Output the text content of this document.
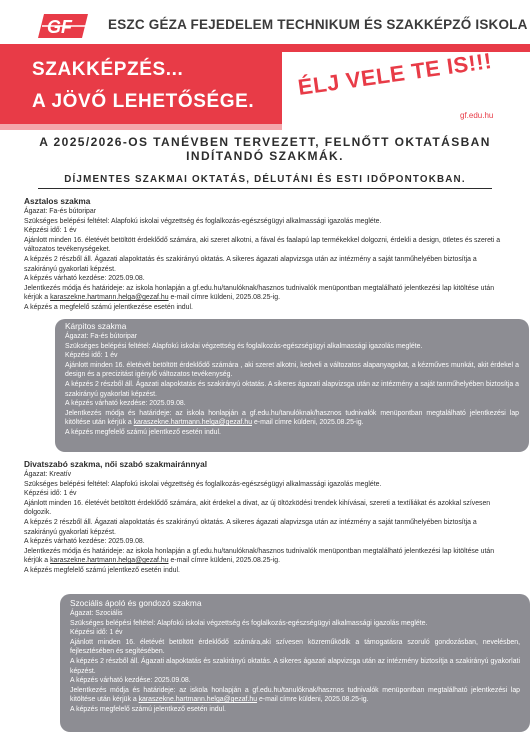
GF	ESZC GÉZA FEJEDELEM TECHNIKUM ÉS SZAKKÉPZŐ ISKOLA
SZAKKÉPZÉS...
A JÖVŐ LEHETŐSÉGE.
ÉLJ VELE TE IS!!!
gf.edu.hu
A 2025/2026-OS TANÉVBEN TERVEZETT, FELNŐTT OKTATÁSBAN INDÍTANDÓ SZAKMÁK.
DÍJMENTES SZAKMAI OKTATÁS, DÉLUTÁNI ÉS ESTI IDŐPONTOKBAN.

Asztalos szakma

Ágazat: Fa-és bútoripar

Szükséges belépési feltétel: Alapfokú iskolai végzettség és foglalkozás-egészségügyi alkalmassági igazolás megléte.

Képzési idő: 1 év

Ajánlott minden 16. életévét betöltött érdeklődő számára, aki szeret alkotni, a fával és faalapú lap termékekkel dolgozni, érdekli a design, ötletes és szereti a változatos tevékenységeket.

A képzés 2 részből áll. Ágazati alapoktatás és szakirányú oktatás. A sikeres ágazati alapvizsga után az intézmény a saját tanműhelyében biztosítja a szakirányú gyakorlati képzést.

A képzés várható kezdése: 2025.09.08.

Jelentkezés módja és határideje: az iskola honlapján a gf.edu.hu/tanulóknak/hasznos tudnivalók menüpontban megtalálható jelentkezési lap kitöltése után kérjük a karaszekne.hartmann.helga@gezaf.hu e-mail címre küldeni, 2025.08.25-ig.

A képzés a megfelelő számú jelentkezése esetén indul.

Kárpitos szakma

Ágazat: Fa-és bútoripar

Szükséges belépési feltétel: Alapfokú iskolai végzettség és foglalkozás-egészségügyi alkalmassági igazolás megléte.

Képzési idő: 1 év

Ajánlott minden 16. életévét betöltött érdeklődő számára , aki szeret alkotni, kedveli a változatos alapanyagokat, a kézműves munkát, akit érdekel a design és a precizitást igénylő változatos tevékenység.

A képzés 2 részből áll. Ágazati alapoktatás és szakirányú oktatás. A sikeres ágazati alapvizsga után az intézmény a saját tanműhelyében biztosítja a szakirányú gyakorlati képzést.

A képzés várható kezdése: 2025.09.08.

Jelentkezés módja és határideje: az iskola honlapján a gf.edu.hu/tanulóknak/hasznos tudnivalók menüpontban megtalálható jelentkezési lap kitöltése után kérjük a karaszekne.hartmann.helga@gezaf.hu e-mail címre küldeni, 2025.08.25-ig.

A képzés megfelelő számú jelentkező esetén indul.

Divatszabó szakma, női szabó szakmairánnyal

Ágazat: Kreatív

Szükséges belépési feltétel: Alapfokú iskolai végzettség és foglalkozás-egészségügyi alkalmassági igazolás megléte.

Képzési idő: 1 év

Ajánlott minden 16. életévét betöltött érdeklődő számára, akit érdekel a divat, az új öltözködési trendek kihívásai, szereti a textíliákat és azokkal szívesen dolgozik.

A képzés 2 részből áll. Ágazati alapoktatás és szakirányú oktatás. A sikeres ágazati alapvizsga után az intézmény a saját tanműhelyében biztosítja a szakirányú gyakorlati képzést.

A képzés várható kezdése: 2025.09.08.

Jelentkezés módja és határideje: az iskola honlapján a gf.edu.hu/tanulóknak/hasznos tudnivalók menüpontban megtalálható jelentkezési lap kitöltése után kérjük a karaszekne.hartmann.helga@gezaf.hu e-mail címre küldeni, 2025.08.25-ig.

A képzés megfelelő számú jelentkező esetén indul.

Szociális ápoló és gondozó szakma

Ágazat: Szociális

Szükséges belépési feltétel: Alapfokú iskolai végzettség és foglalkozás-egészségügyi alkalmassági igazolás megléte.

Képzési idő: 1 év

Ajánlott minden 16. életévét betöltött érdeklődő számára,aki szívesen közreműködik a támogatásra szoruló gondozásban, nevelésben, fejlesztésében és segítésében.

A képzés 2 részből áll. Ágazati alapoktatás és szakirányú oktatás. A sikeres ágazati alapvizsga után az intézmény biztosítja a szakirányú gyakorlati képzést.

A képzés várható kezdése: 2025.09.08.

Jelentkezés módja és határideje: az iskola honlapján a gf.edu.hu/tanulóknak/hasznos tudnivalók menüpontban megtalálható jelentkezési lap kitöltése után kérjük a karaszekne.hartmann.helga@gezaf.hu e-mail címre küldeni, 2025.08.25-ig.

A képzés megfelelő számú jelentkező esetén indul.
